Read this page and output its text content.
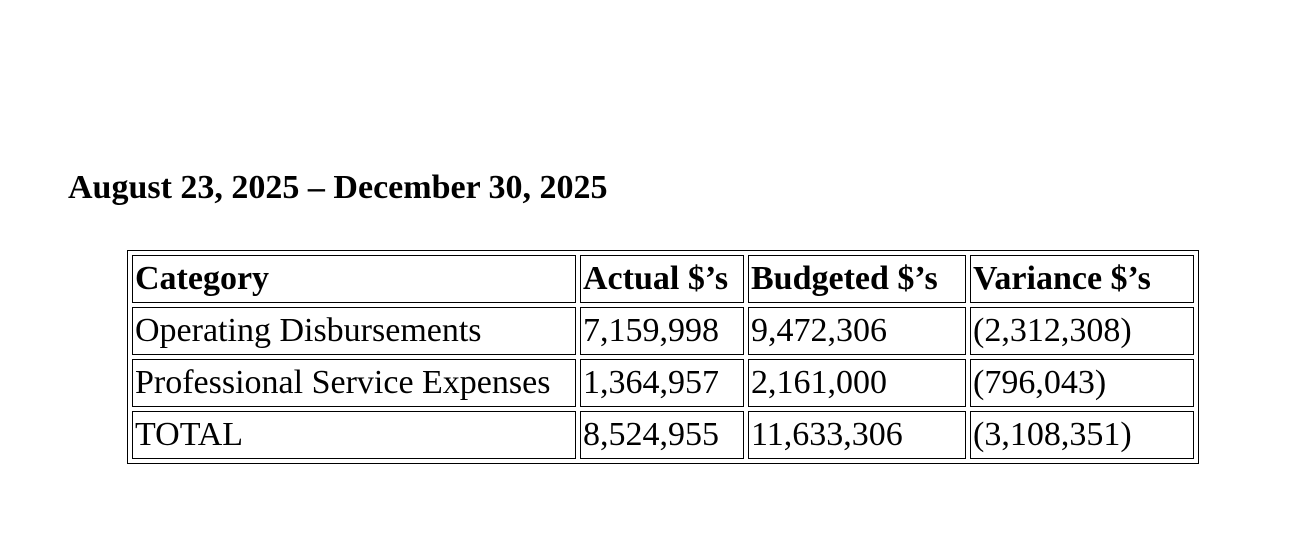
August 23, 2025 – December 30, 2025
Category	Actual $’s	Budgeted $’s	Variance $’s
Operating Disbursements	7,159,998	9,472,306	(2,312,308)
Professional Service Expenses	1,364,957	2,161,000	(796,043)
TOTAL	8,524,955	11,633,306	(3,108,351)
